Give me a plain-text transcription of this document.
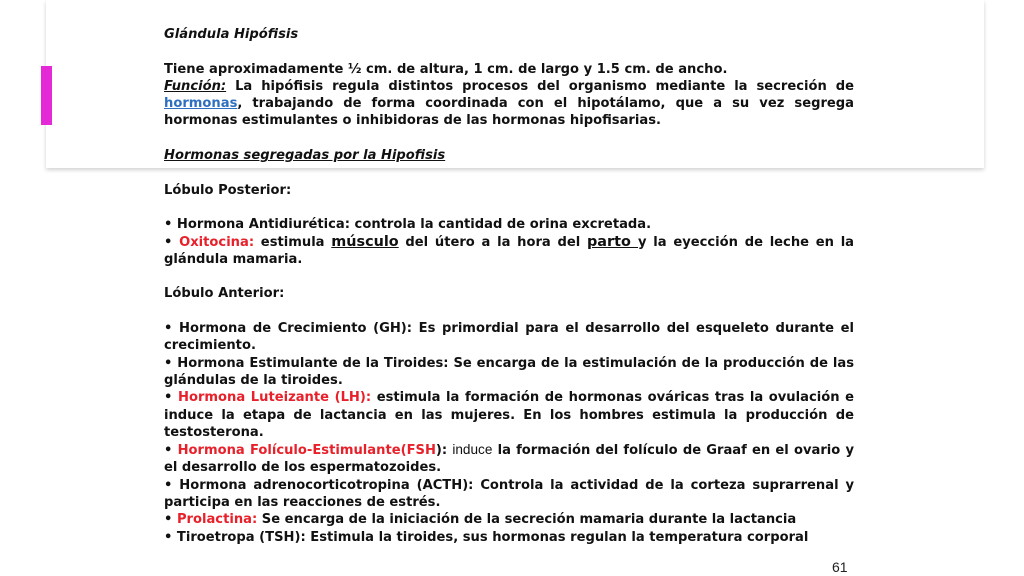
Glándula Hipófisis

Tiene aproximadamente ½ cm. de altura, 1 cm. de largo y 1.5 cm. de ancho.

Función: La hipófisis regula distintos procesos del organismo mediante la secreción de hormonas, trabajando de forma coordinada con el hipotálamo, que a su vez segrega hormonas estimulantes o inhibidoras de las hormonas hipofisarias.

Hormonas segregadas por la Hipofisis

Lóbulo Posterior:

• Hormona Antidiurética: controla la cantidad de orina excretada.

• Oxitocina: estimula músculo del útero a la hora del parto y la eyección de leche en la glándula mamaria.

Lóbulo Anterior:

• Hormona de Crecimiento (GH): Es primordial para el desarrollo del esqueleto durante el crecimiento.

• Hormona Estimulante de la Tiroides: Se encarga de la estimulación de la producción de las glándulas de la tiroides.

• Hormona Luteizante (LH): estimula la formación de hormonas ováricas tras la ovulación e induce la etapa de lactancia en las mujeres. En los hombres estimula la producción de testosterona.

• Hormona Folículo-Estimulante(FSH): induce la formación del folículo de Graaf en el ovario y el desarrollo de los espermatozoides.

• Hormona adrenocorticotropina (ACTH): Controla la actividad de la corteza suprarrenal y participa en las reacciones de estrés.

• Prolactina: Se encarga de la iniciación de la secreción mamaria durante la lactancia

• Tiroetropa (TSH): Estimula la tiroides, sus hormonas regulan la temperatura corporal

61
